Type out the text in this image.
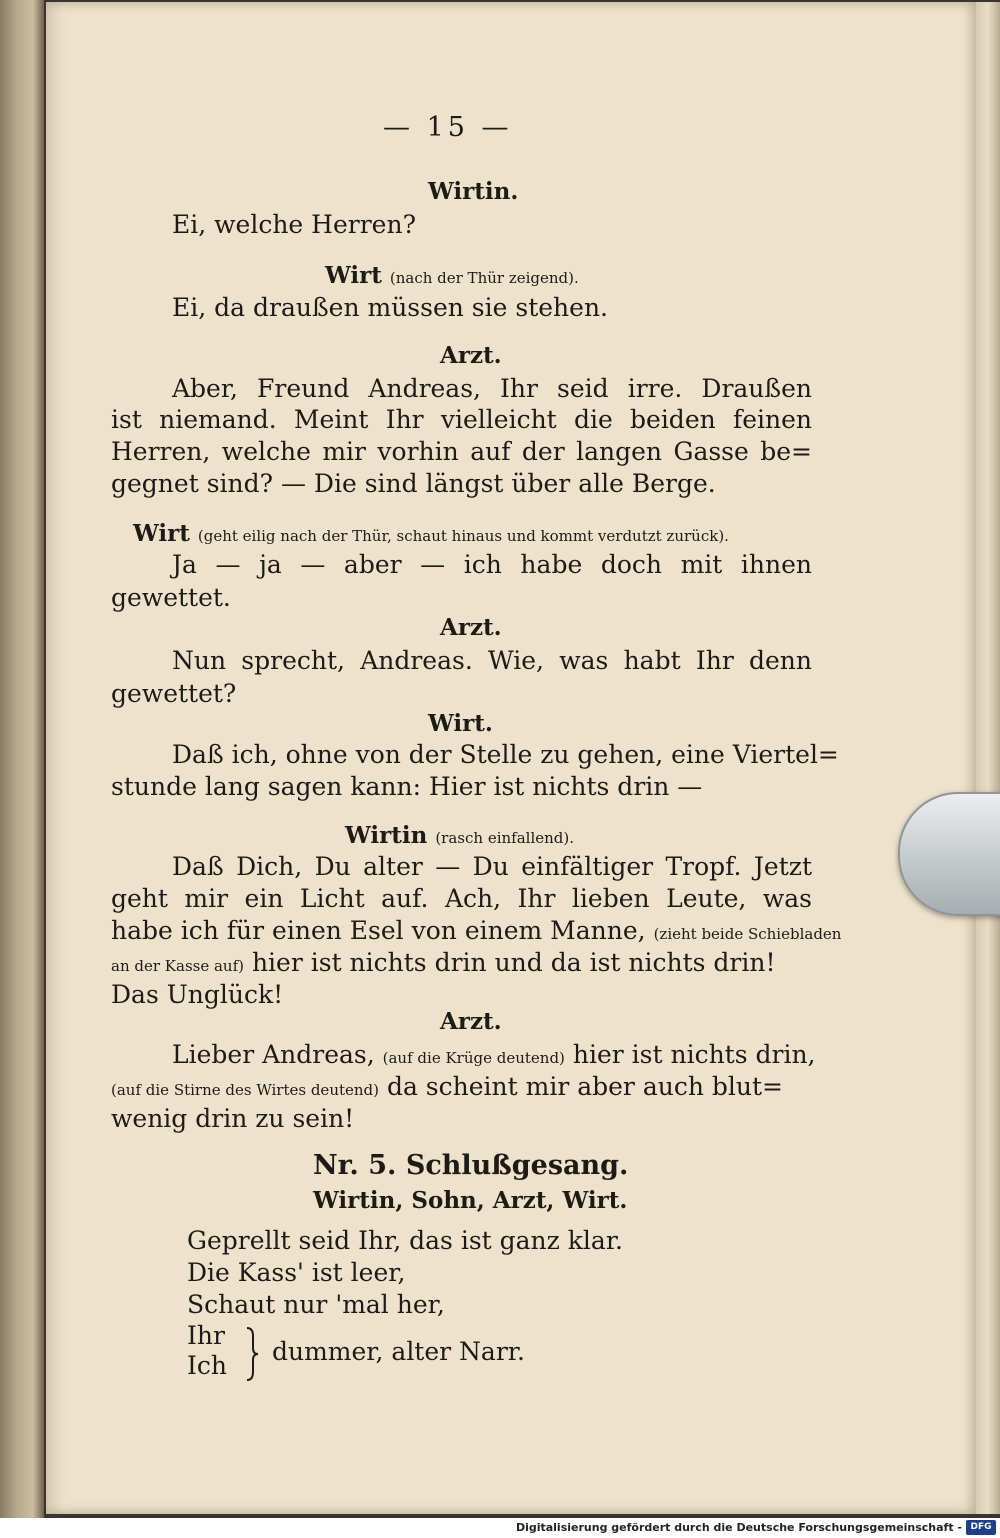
— 15 —
Wirtin.
Ei, welche Herren?
Wirt (nach der Thür zeigend).
Ei, da draußen müssen sie stehen.
Arzt.
Aber, Freund Andreas, Ihr seid irre. Draußen
ist niemand. Meint Ihr vielleicht die beiden feinen
Herren, welche mir vorhin auf der langen Gasse be=
gegnet sind? — Die sind längst über alle Berge.
Wirt (geht eilig nach der Thür, schaut hinaus und kommt verdutzt zurück).
Ja — ja — aber — ich habe doch mit ihnen
gewettet.
Arzt.
Nun sprecht, Andreas. Wie, was habt Ihr denn
gewettet?
Wirt.
Daß ich, ohne von der Stelle zu gehen, eine Viertel=
stunde lang sagen kann: Hier ist nichts drin —
Wirtin (rasch einfallend).
Daß Dich, Du alter — Du einfältiger Tropf. Jetzt
geht mir ein Licht auf. Ach, Ihr lieben Leute, was
habe ich für einen Esel von einem Manne, (zieht beide Schiebladen
an der Kasse auf) hier ist nichts drin und da ist nichts drin!
Das Unglück!
Arzt.
Lieber Andreas, (auf die Krüge deutend) hier ist nichts drin,
(auf die Stirne des Wirtes deutend) da scheint mir aber auch blut=
wenig drin zu sein!
Nr. 5. Schlußgesang.
Wirtin, Sohn, Arzt, Wirt.
Geprellt seid Ihr, das ist ganz klar.
Die Kass' ist leer,
Schaut nur 'mal her,
Ihr
Ich dummer, alter Narr.
Digitalisierung gefördert durch die Deutsche Forschungsgemeinschaft - DFG
